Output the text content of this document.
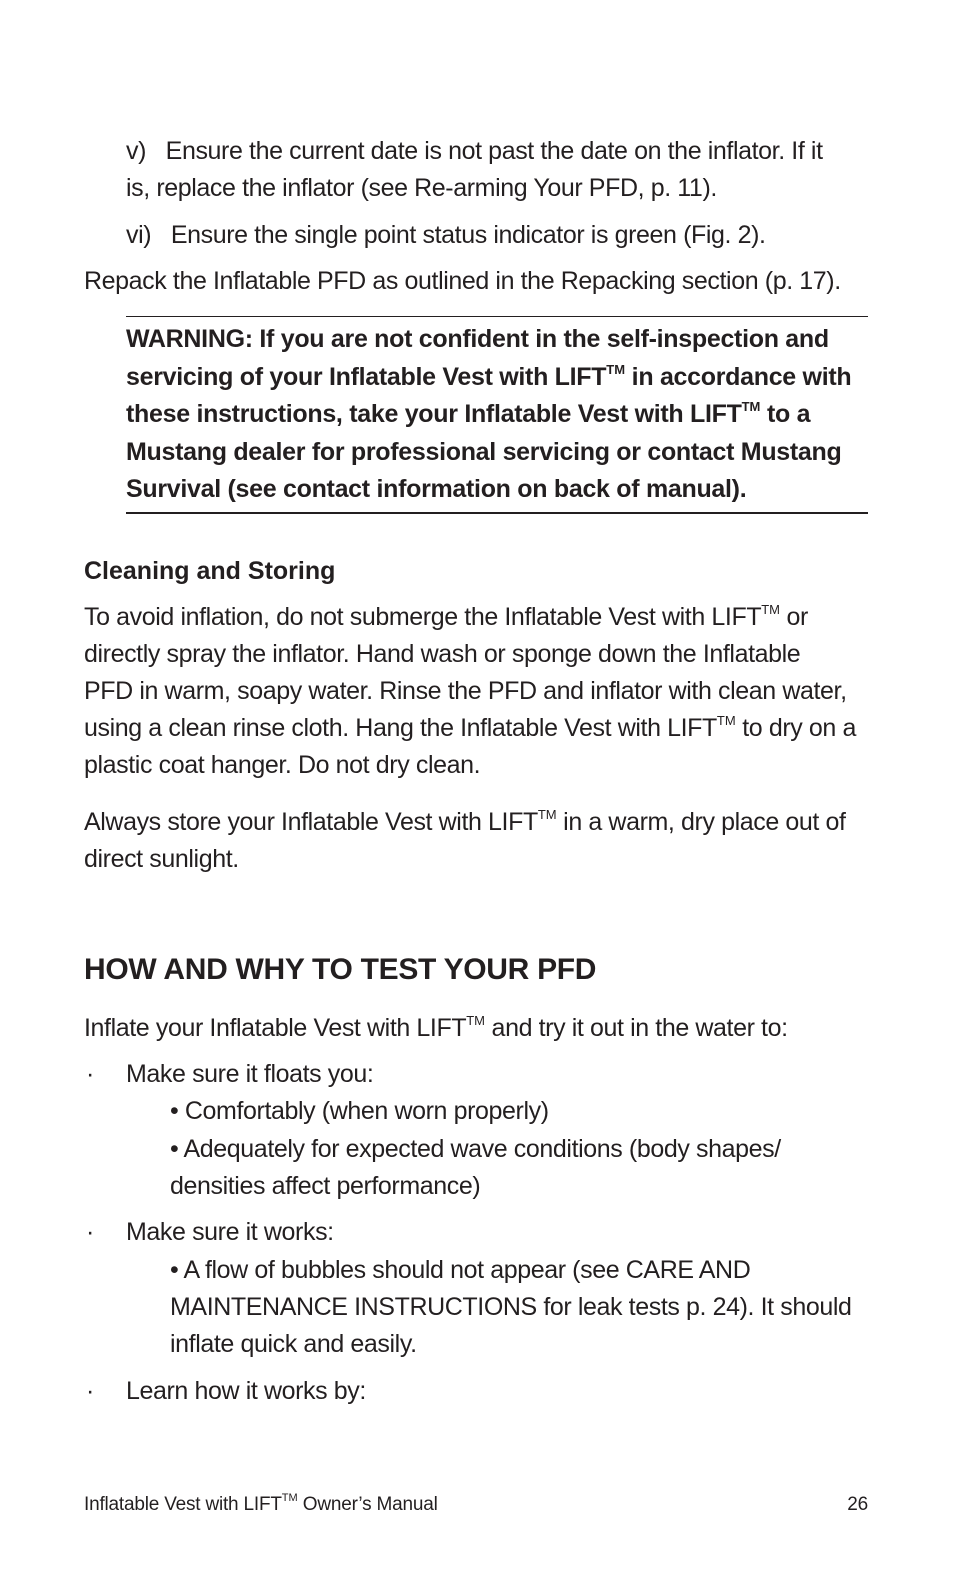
v) Ensure the current date is not past the date on the inflator. If it
is, replace the inflator (see Re-arming Your PFD, p. 11).
vi) Ensure the single point status indicator is green (Fig. 2).
Repack the Inflatable PFD as outlined in the Repacking section (p. 17).
WARNING: If you are not confident in the self-inspection and
servicing of your Inflatable Vest with LIFT™ in accordance with
these instructions, take your Inflatable Vest with LIFT™ to a
Mustang dealer for professional servicing or contact Mustang
Survival (see contact information on back of manual).
Cleaning and Storing
To avoid inflation, do not submerge the Inflatable Vest with LIFT™ or
directly spray the inflator. Hand wash or sponge down the Inflatable
PFD in warm, soapy water. Rinse the PFD and inflator with clean water,
using a clean rinse cloth. Hang the Inflatable Vest with LIFT™ to dry on a
plastic coat hanger. Do not dry clean.
Always store your Inflatable Vest with LIFT™ in a warm, dry place out of
direct sunlight.
HOW AND WHY TO TEST YOUR PFD
Inflate your Inflatable Vest with LIFT™ and try it out in the water to:
· Make sure it floats you:
• Comfortably (when worn properly)
• Adequately for expected wave conditions (body shapes/
densities affect performance)
· Make sure it works:
• A flow of bubbles should not appear (see CARE AND
MAINTENANCE INSTRUCTIONS for leak tests p. 24). It should
inflate quick and easily.
· Learn how it works by:
Inflatable Vest with LIFT™ Owner’s Manual	26
